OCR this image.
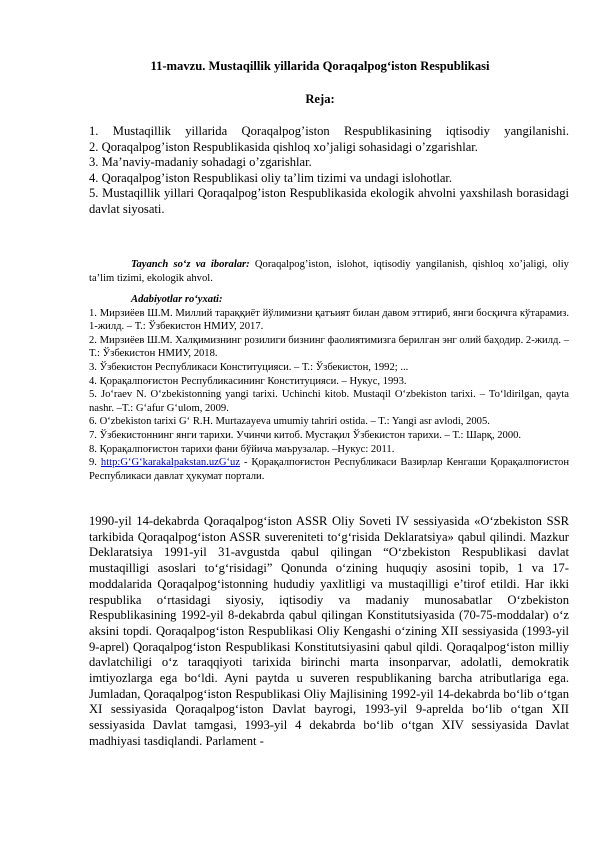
11-mavzu. Mustaqillik yillarida Qoraqalpog‘iston Respublikasi
Reja:

1. Mustaqillik yillarida Qoraqalpog’iston Respublikasining iqtisodiy yangilanishi.

2. Qoraqalpog’iston Respublikasida qishloq xo’jaligi sohasidagi o’zgarishlar.

3. Ma’naviy-madaniy sohadagi o’zgarishlar.

4. Qoraqalpog’iston Respublikasi oliy ta’lim tizimi va undagi islohotlar.

5. Mustaqillik yillari Qoraqalpog’iston Respublikasida ekologik ahvolni yaxshilash borasidagi davlat siyosati.

Tayanch so‘z va iboralar: Qoraqalpog’iston, islohot, iqtisodiy yangilanish, qishloq xo’jaligi, oliy ta’lim tizimi, ekologik ahvol.

Adabiyotlar ro‘yxati:

1. Мирзиёев Ш.М. Миллий тараққиёт йўлимизни қатъият билан давом эттириб, янги босқичга кўтарамиз. 1-жилд. – Т.: Ўзбекистон НМИУ, 2017.

2. Мирзиёев Ш.М. Халқимизнинг розилиги бизнинг фаолиятимизга берилган энг олий баҳодир. 2-жилд. – Т.: Ўзбекистон НМИУ, 2018.

3. Ўзбекистон Республикаси Конституцияси. – Т.: Ўзбекистон, 1992; ...

4. Қорақалпоғистон Республикасининг Конституцияси. – Нукус, 1993.

5. Jo‘raev N. O‘zbekistonning yangi tarixi. Uchinchi kitob. Mustaqil O‘zbekiston tarixi. – To‘ldirilgan, qayta nashr. –T.: G‘afur G‘ulom, 2009.

6. O‘zbekiston tarixi G‘ R.H. Murtazayeva umumiy tahriri ostida. – T.: Yangi asr avlodi, 2005.

7. Ўзбекистоннинг янги тарихи. Учинчи китоб. Мустақил Ўзбекистон тарихи. – Т.: Шарқ, 2000.

8. Қорақалпоғистон тарихи фани бўйича маърузалар. –Нукус: 2011.

9. http:G‘G‘karakalpakstan.uzG‘uz - Қорақалпоғистон Республикаси Вазирлар Кенгаши Қорақалпоғистон Республикаси давлат ҳукумат портали.

1990-yil 14-dekabrda Qoraqalpog‘iston ASSR Oliy Soveti IV sessiyasida «O‘zbekiston SSR tarkibida Qoraqalpog‘iston ASSR suvereniteti to‘g‘risida Deklaratsiya» qabul qilindi. Mazkur Deklaratsiya 1991-yil 31-avgustda qabul qilingan “O‘zbekiston Respublikasi davlat mustaqilligi asoslari to‘g‘risidagi” Qonunda o‘zining huquqiy asosini topib, 1 va 17-moddalarida Qoraqalpog‘istonning hududiy yaxlitligi va mustaqilligi e’tirof etildi. Har ikki respublika o‘rtasidagi siyosiy, iqtisodiy va madaniy munosabatlar O‘zbekiston Respublikasining 1992-yil 8-dekabrda qabul qilingan Konstitutsiyasida (70-75-moddalar) o‘z aksini topdi. Qoraqalpog‘iston Respublikasi Oliy Kengashi o‘zining XII sessiyasida (1993-yil 9-aprel) Qoraqalpog‘iston Respublikasi Konstitutsiyasini qabul qildi. Qoraqalpog‘iston milliy davlatchiligi o‘z taraqqiyoti tarixida birinchi marta insonparvar, adolatli, demokratik imtiyozlarga ega bo‘ldi. Ayni paytda u suveren respublikaning barcha atributlariga ega. Jumladan, Qoraqalpog‘iston Respublikasi Oliy Majlisining 1992-yil 14-dekabrda bo‘lib o‘tgan XI sessiyasida Qoraqalpog‘iston Davlat bayrogi, 1993-yil 9-aprelda bo‘lib o‘tgan XII sessiyasida Davlat tamgasi, 1993-yil 4 dekabrda bo‘lib o‘tgan XIV sessiyasida Davlat madhiyasi tasdiqlandi. Parlament -
